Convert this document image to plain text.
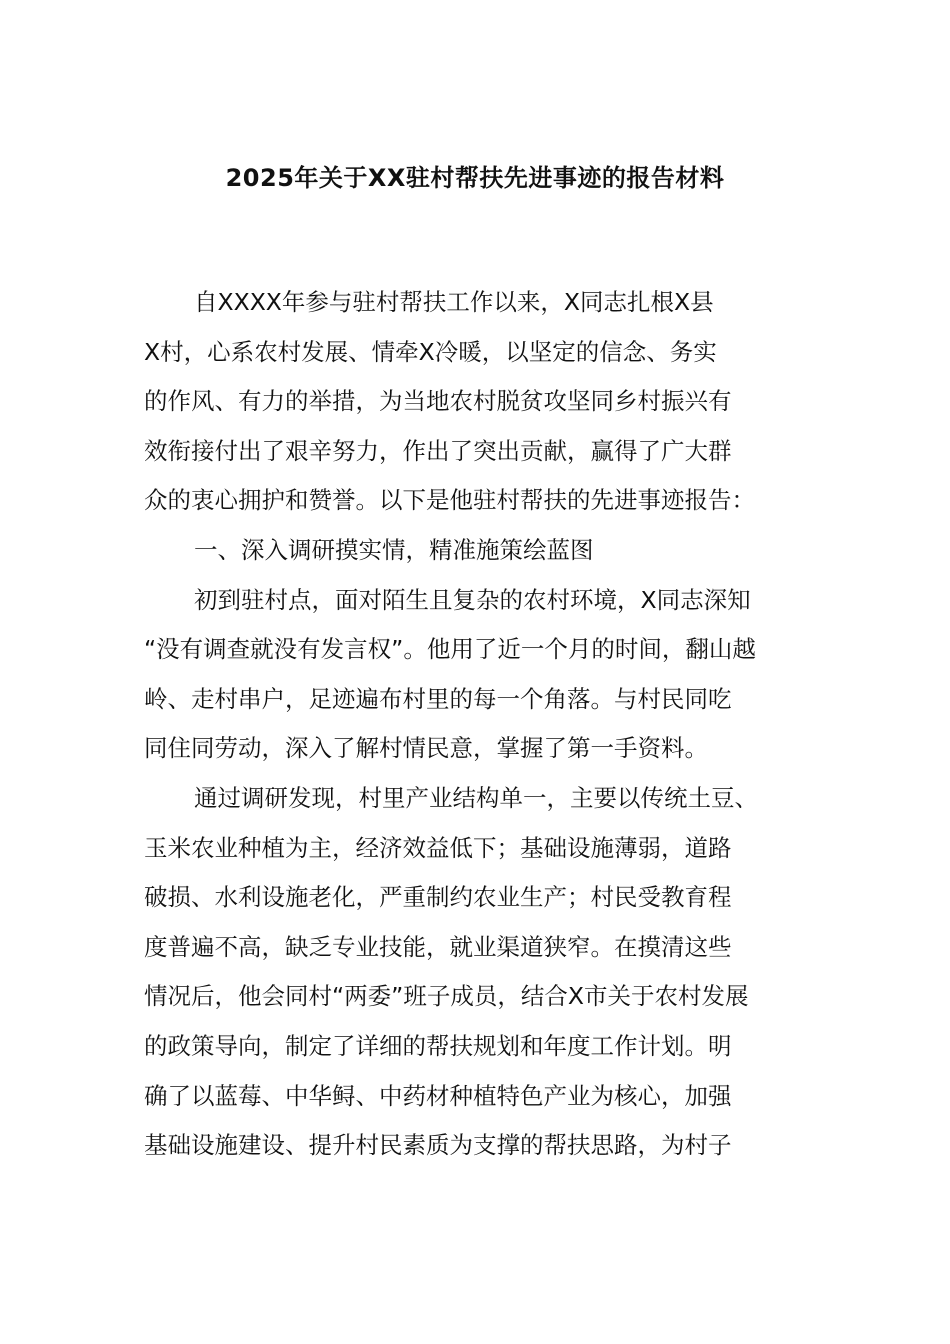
2025年关于XX驻村帮扶先进事迹的报告材料
自XXXX年参与驻村帮扶工作以来，X同志扎根X县
X村，心系农村发展、情牵X冷暖，以坚定的信念、务实
的作风、有力的举措，为当地农村脱贫攻坚同乡村振兴有
效衔接付出了艰辛努力，作出了突出贡献，赢得了广大群
众的衷心拥护和赞誉。以下是他驻村帮扶的先进事迹报告：
一、深入调研摸实情，精准施策绘蓝图
初到驻村点，面对陌生且复杂的农村环境，X同志深知
“没有调查就没有发言权”。他用了近一个月的时间，翻山越
岭、走村串户，足迹遍布村里的每一个角落。与村民同吃
同住同劳动，深入了解村情民意，掌握了第一手资料。
通过调研发现，村里产业结构单一，主要以传统土豆、
玉米农业种植为主，经济效益低下；基础设施薄弱，道路
破损、水利设施老化，严重制约农业生产；村民受教育程
度普遍不高，缺乏专业技能，就业渠道狭窄。在摸清这些
情况后，他会同村“两委”班子成员，结合X市关于农村发展
的政策导向，制定了详细的帮扶规划和年度工作计划。明
确了以蓝莓、中华鲟、中药材种植特色产业为核心，加强
基础设施建设、提升村民素质为支撑的帮扶思路，为村子
